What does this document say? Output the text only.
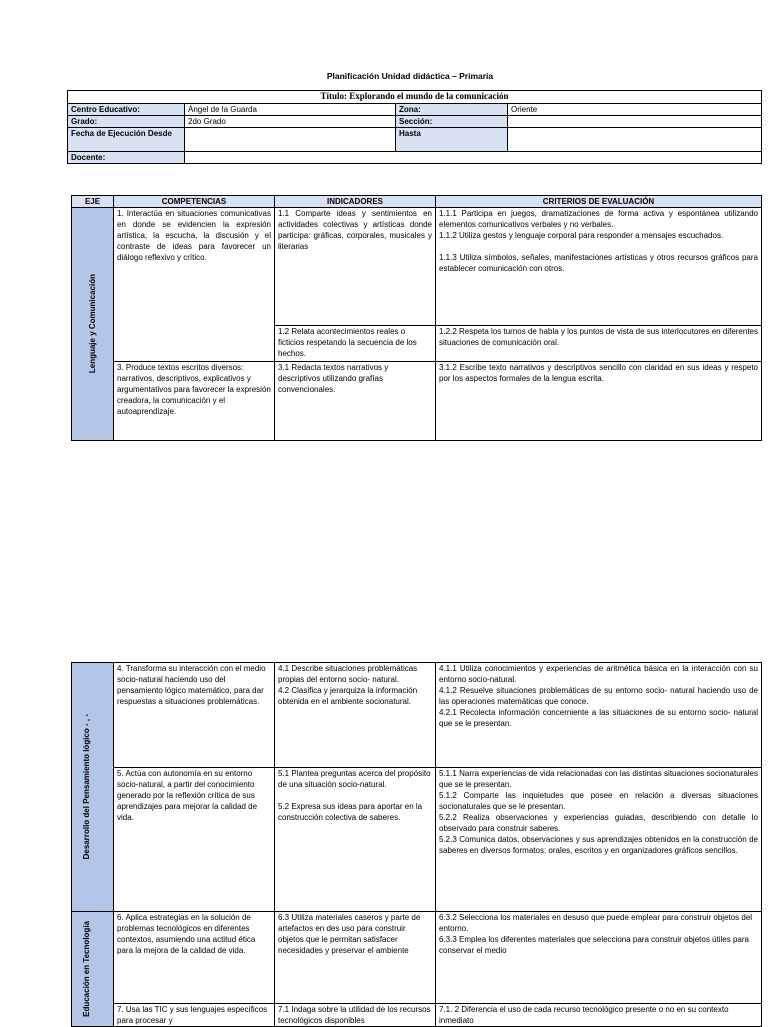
Planificación Unidad didáctica – Primaria
Título: Explorando el mundo de la comunicación			
Centro Educativo:	Ángel de la Guarda	Zona:	Oriente
Grado:	2do Grado	Sección:	
Fecha de Ejecución Desde		Hasta	
Docente:			
EJE	COMPETENCIAS	INDICADORES	CRITERIOS DE EVALUACIÓN

Lenguaje y Comunicación	1. Interactúa en situaciones comunicativas en donde se evidencien la expresión artística, la escucha, la discusión y el contraste de ideas para favorecer un diálogo reflexivo y crítico.	1.1 Comparte ideas y sentimientos en actividades colectivas y artísticas donde participa: gráficas, corporales, musicales y literarias	1.1.1 Participa en juegos, dramatizaciones de forma activa y espontánea utilizando elementos comunicativos verbales y no verbales.
1.1.2 Utiliza gestos y lenguaje corporal para responder a mensajes escuchados.
1.1.3 Utiliza símbolos, señales, manifestaciones artísticas y otros recursos gráficos para establecer comunicación con otros.

		1.2 Relata acontecimientos reales o ficticios respetando la secuencia de los hechos.	1.2.2 Respeta los turnos de habla y los puntos de vista de sus interlocutores en diferentes situaciones de comunicación oral.
	3. Produce textos escritos diversos: narrativos, descriptivos, explicativos y argumentativos para favorecer la expresión creadora, la comunicación y el autoaprendizaje.	3.1 Redacta textos narrativos y descriptivos utilizando grafías convencionales.	3.1.2 Escribe texto narrativos y descriptivos sencillo con claridad en sus ideas y respeto por los aspectos formales de la lengua escrita.
Desarrollo del Pensamiento lógico - , -	4. Transforma su interacción con el medio socio-natural haciendo uso del pensamiento lógico matemático, para dar respuestas a situaciones problemáticas.	4.1 Describe situaciones problemáticas propias del entorno socio- natural.
4.2 Clasifica y jerarquiza la información obtenida en el ambiente socionatural.	4.1.1 Utiliza conocimientos y experiencias de aritmética básica en la interacción con su entorno socio-natural.
4.1.2 Resuelve situaciones problemáticas de su entorno socio- natural haciendo uso de las operaciones matemáticas que conoce.
4.2.1 Recolecta información concerniente a las situaciones de su entorno socio- natural que se le presentan.

	5. Actúa con autonomía en su entorno socio-natural, a partir del conocimiento generado por la reflexión crítica de sus aprendizajes para mejorar la calidad de vida.	5.1 Plantea preguntas acerca del propósito de una situación socio-natural.
5.2 Expresa sus ideas para aportar en la construcción colectiva de saberes.	5.1.1 Narra experiencias de vida relacionadas con las distintas situaciones socionaturales que se le presentan.
5.1.2 Comparte las inquietudes que posee en relación a diversas situaciones socionaturales que se le presentan.
5.2.2 Realiza observaciones y experiencias guiadas, describiendo con detalle lo observado para construir saberes.
5.2.3 Comunica datos, observaciones y sus aprendizajes obtenidos en la construcción de saberes en diversos formatos: orales, escritos y en organizadores gráficos sencillos.

Educación en Tecnología	6. Aplica estrategias en la solución de problemas tecnológicos en diferentes contextos, asumiendo una actitud ética para la mejora de la calidad de vida.	6.3 Utiliza materiales caseros y parte de artefactos en des uso para construir objetos que le permitan satisfacer necesidades y preservar el ambiente	6.3.2 Selecciona los materiales en desuso que puede emplear para construir objetos del entorno.
6.3.3 Emplea los diferentes materiales que selecciona para construir objetos útiles para conservar el medio

	7. Usa las TIC y sus lenguajes específicos para procesar y	7.1 Indaga sobre la utilidad de los recursos tecnológicos disponibles	7.1. 2 Diferencia el uso de cada recurso tecnológico presente o no en su contexto inmediato
